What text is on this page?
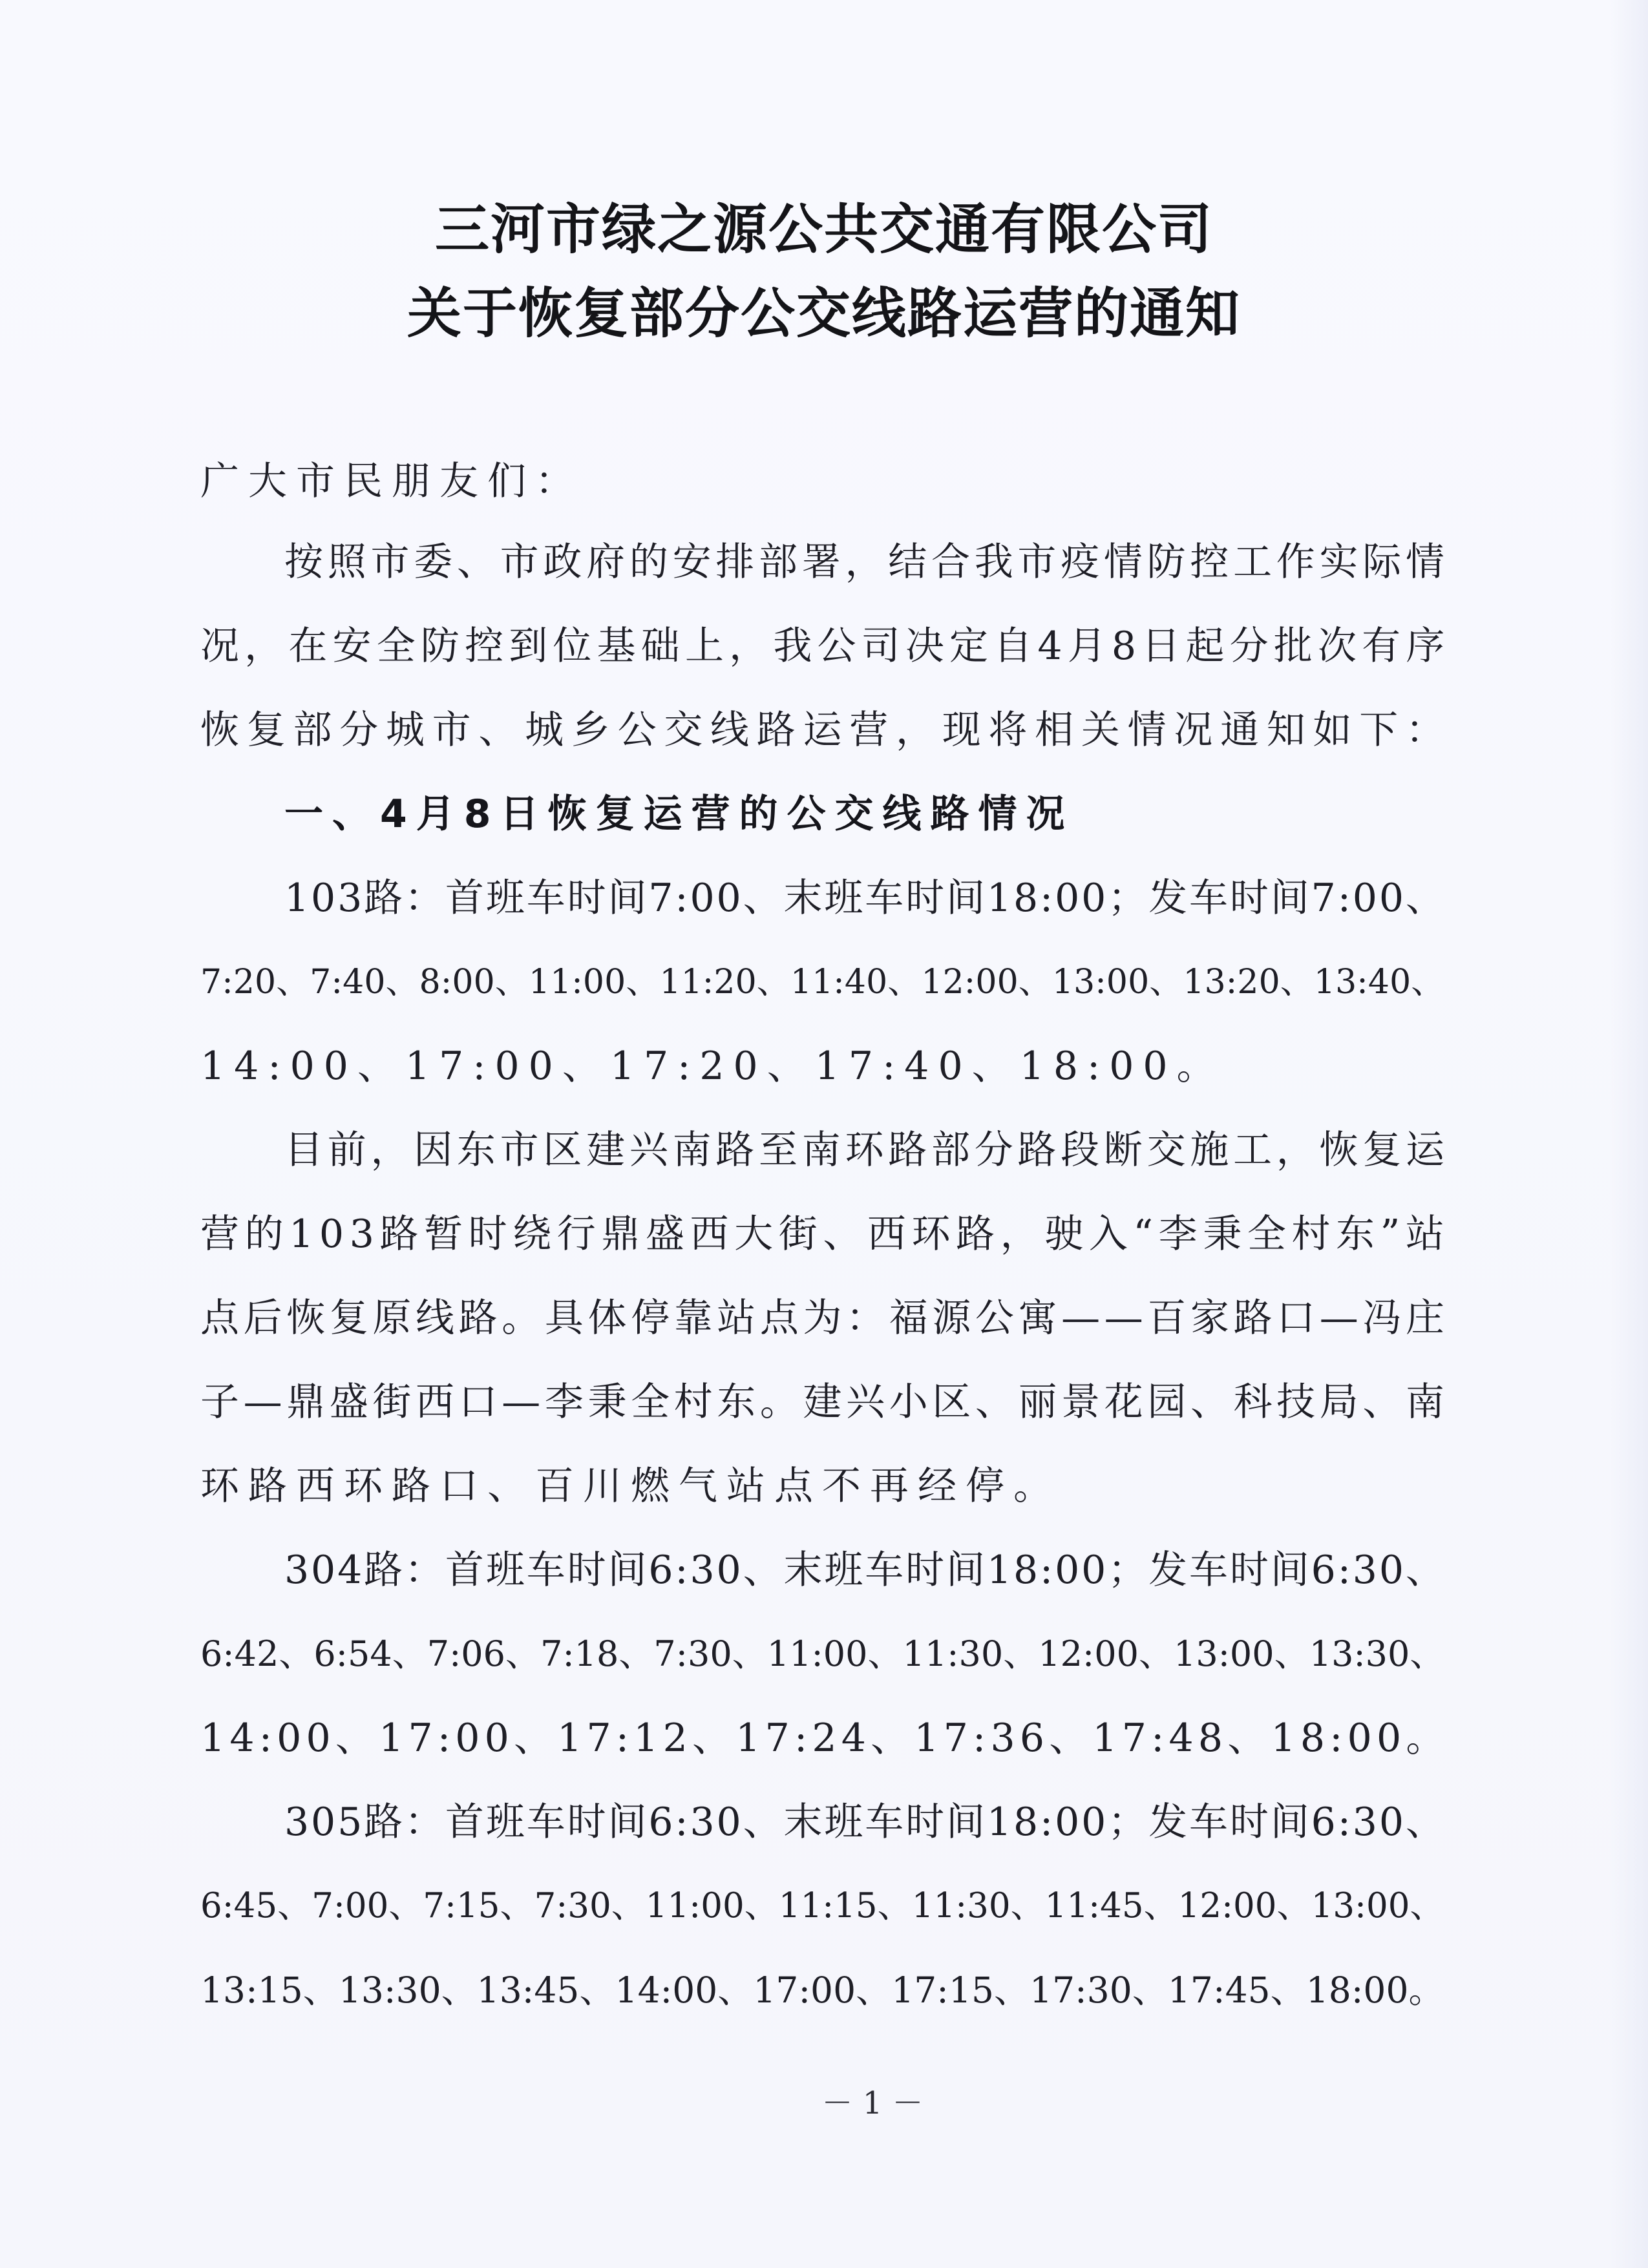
三河市绿之源公共交通有限公司
关于恢复部分公交线路运营的通知
广大市民朋友们：
按照市委、市政府的安排部署，结合我市疫情防控工作实际情
况，在安全防控到位基础上，我公司决定自4月8日起分批次有序
恢复部分城市、城乡公交线路运营，现将相关情况通知如下：
一、4月8日恢复运营的公交线路情况
103路：首班车时间7:00、末班车时间18:00；发车时间7:00、
7:20、7:40、8:00、11:00、11:20、11:40、12:00、13:00、13:20、13:40、
14:00、17:00、17:20、17:40、18:00。
目前，因东市区建兴南路至南环路部分路段断交施工，恢复运
营的103路暂时绕行鼎盛西大街、西环路，驶入“李秉全村东”站
点后恢复原线路。具体停靠站点为：福源公寓——百家路口—冯庄
子—鼎盛街西口—李秉全村东。建兴小区、丽景花园、科技局、南
环路西环路口、百川燃气站点不再经停。
304路：首班车时间6:30、末班车时间18:00；发车时间6:30、
6:42、6:54、7:06、7:18、7:30、11:00、11:30、12:00、13:00、13:30、
14:00、17:00、17:12、17:24、17:36、17:48、18:00。
305路：首班车时间6:30、末班车时间18:00；发车时间6:30、
6:45、7:00、7:15、7:30、11:00、11:15、11:30、11:45、12:00、13:00、
13:15、13:30、13:45、14:00、17:00、17:15、17:30、17:45、18:00。
－ 1 －
